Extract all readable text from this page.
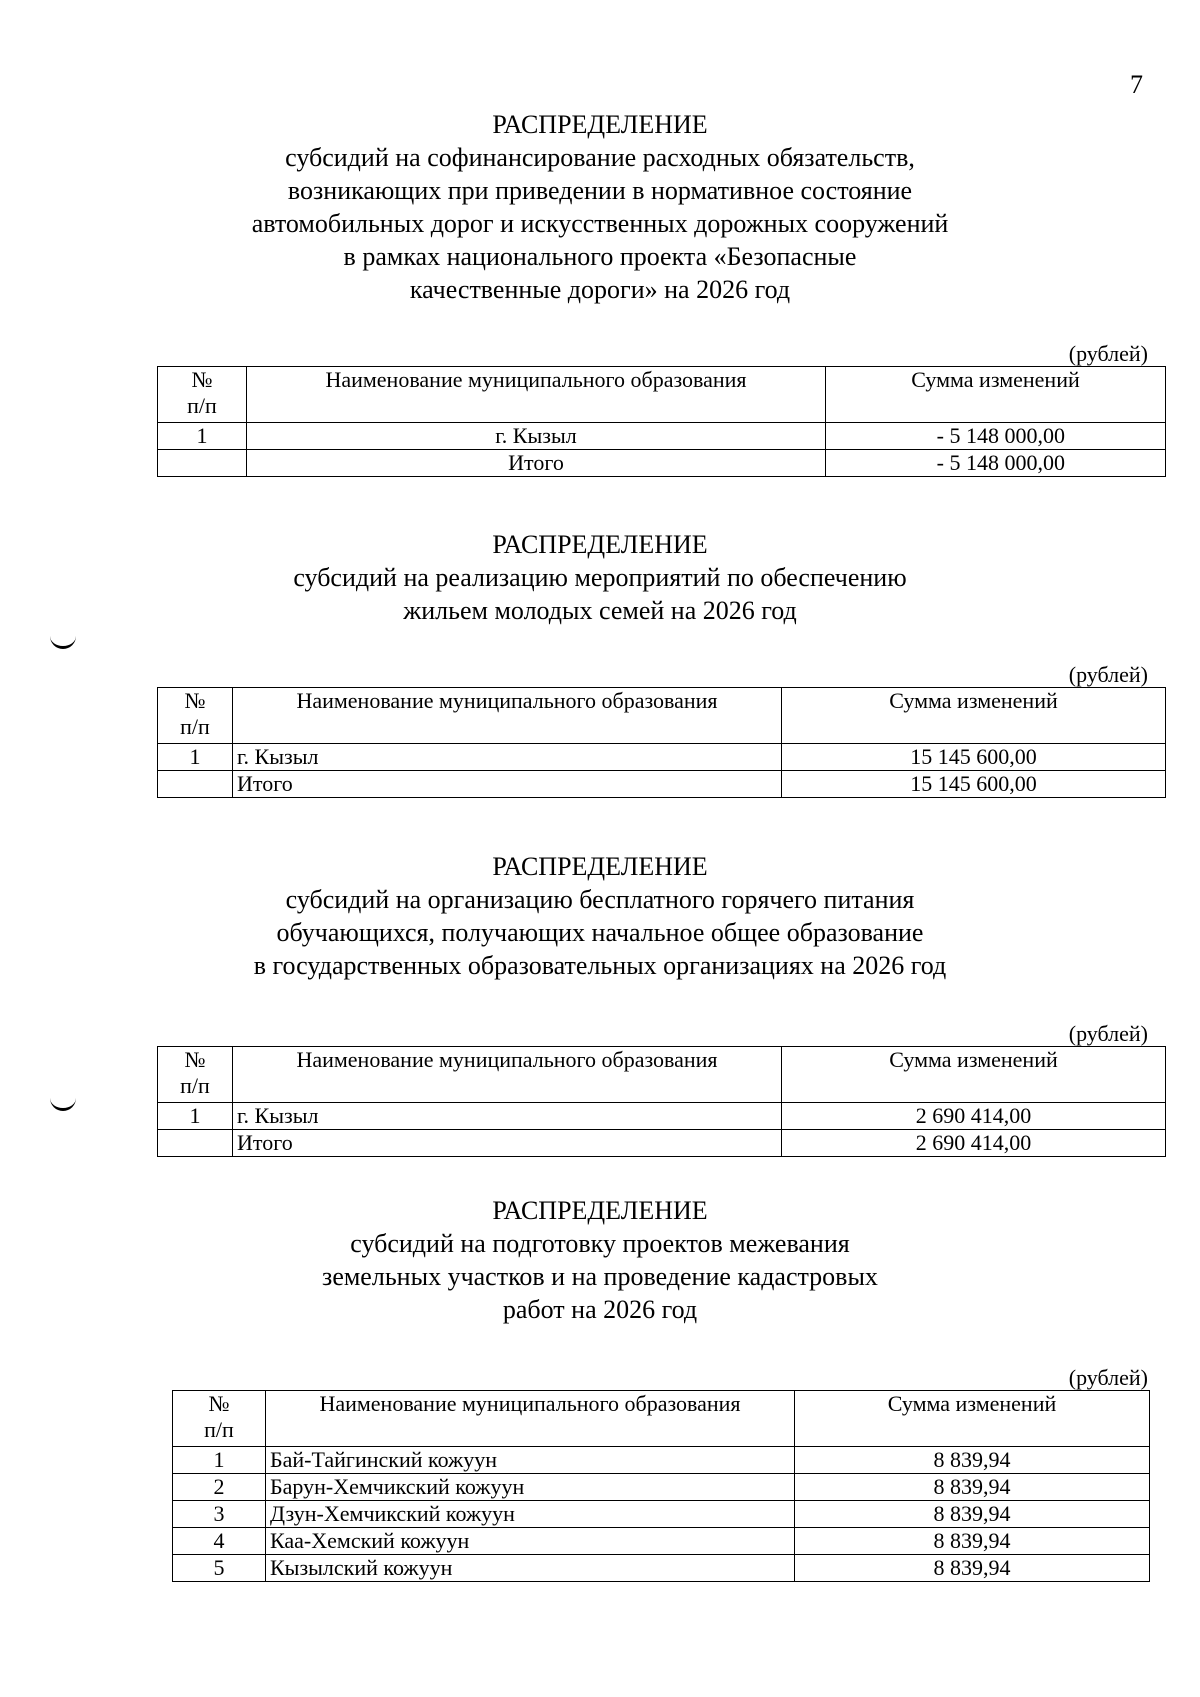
7
РАСПРЕДЕЛЕНИЕ
субсидий на софинансирование расходных обязательств,
возникающих при приведении в нормативное состояние
автомобильных дорог и искусственных дорожных сооружений
в рамках национального проекта «Безопасные
качественные дороги» на 2026 год
(рублей)
№
п/п	Наименование муниципального образования	Сумма изменений
1	г. Кызыл	- 5 148 000,00
	Итого	- 5 148 000,00
РАСПРЕДЕЛЕНИЕ
субсидий на реализацию мероприятий по обеспечению
жильем молодых семей на 2026 год
(рублей)
№
п/п	Наименование муниципального образования	Сумма изменений
1	г. Кызыл	15 145 600,00
	Итого	15 145 600,00
РАСПРЕДЕЛЕНИЕ
субсидий на организацию бесплатного горячего питания
обучающихся, получающих начальное общее образование
в государственных образовательных организациях на 2026 год
(рублей)
№
п/п	Наименование муниципального образования	Сумма изменений
1	г. Кызыл	2 690 414,00
	Итого	2 690 414,00
РАСПРЕДЕЛЕНИЕ
субсидий на подготовку проектов межевания
земельных участков и на проведение кадастровых
работ на 2026 год
(рублей)
№
п/п	Наименование муниципального образования	Сумма изменений
1	Бай-Тайгинский кожуун	8 839,94
2	Барун-Хемчикский кожуун	8 839,94
3	Дзун-Хемчикский кожуун	8 839,94
4	Каа-Хемский кожуун	8 839,94
5	Кызылский кожуун	8 839,94
